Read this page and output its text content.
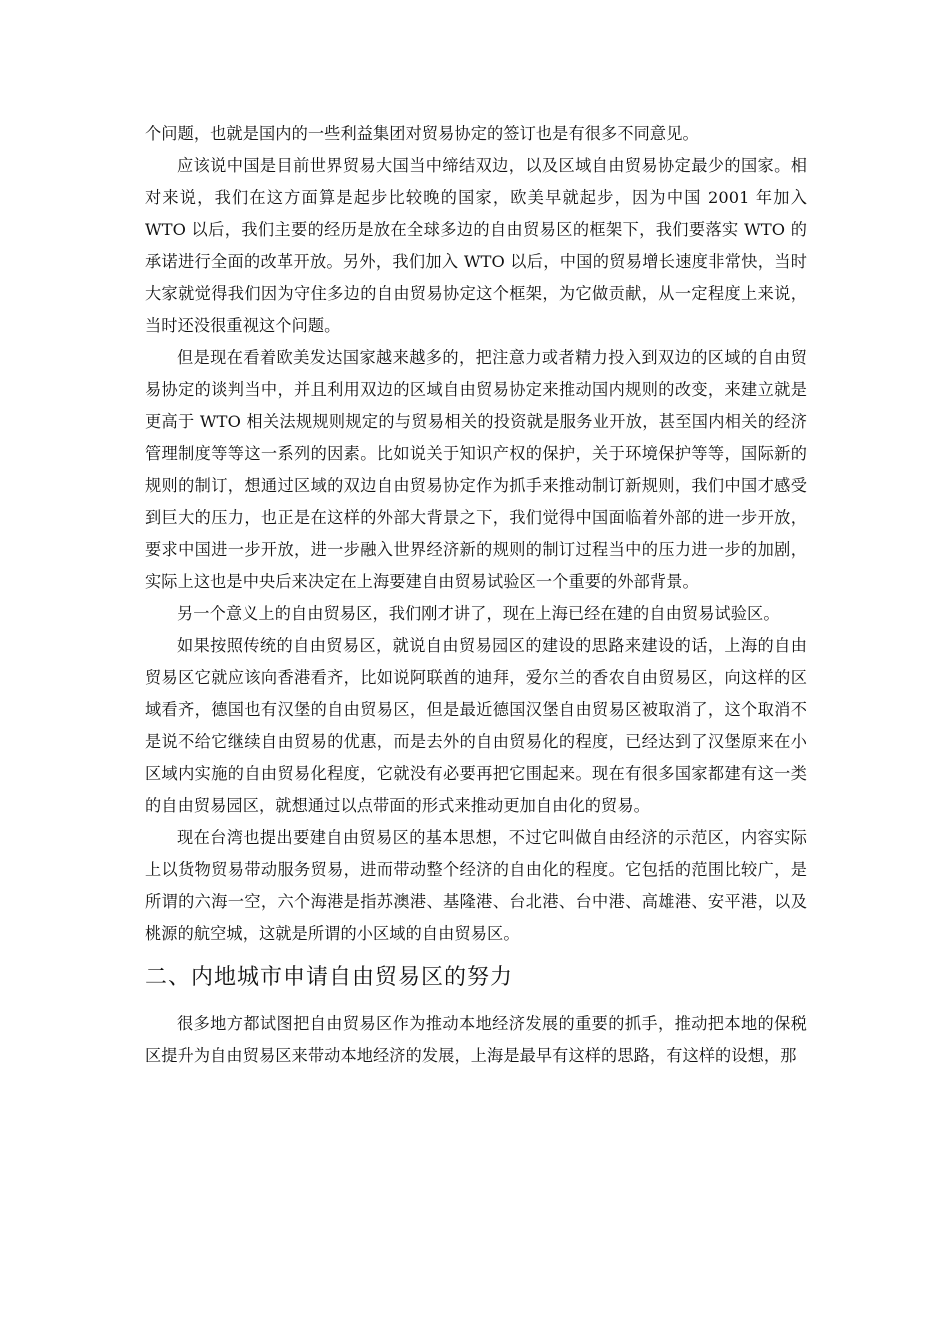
个问题，也就是国内的一些利益集团对贸易协定的签订也是有很多不同意见。

应该说中国是目前世界贸易大国当中缔结双边，以及区域自由贸易协定最少的国家。相对来说，我们在这方面算是起步比较晚的国家，欧美早就起步，因为中国 2001 年加入 WTO 以后，我们主要的经历是放在全球多边的自由贸易区的框架下，我们要落实 WTO 的承诺进行全面的改革开放。另外，我们加入 WTO 以后，中国的贸易增长速度非常快，当时大家就觉得我们因为守住多边的自由贸易协定这个框架，为它做贡献，从一定程度上来说，当时还没很重视这个问题。

但是现在看着欧美发达国家越来越多的，把注意力或者精力投入到双边的区域的自由贸易协定的谈判当中，并且利用双边的区域自由贸易协定来推动国内规则的改变，来建立就是更高于 WTO 相关法规规则规定的与贸易相关的投资就是服务业开放，甚至国内相关的经济管理制度等等这一系列的因素。比如说关于知识产权的保护，关于环境保护等等，国际新的规则的制订，想通过区域的双边自由贸易协定作为抓手来推动制订新规则，我们中国才感受到巨大的压力，也正是在这样的外部大背景之下，我们觉得中国面临着外部的进一步开放，要求中国进一步开放，进一步融入世界经济新的规则的制订过程当中的压力进一步的加剧，实际上这也是中央后来决定在上海要建自由贸易试验区一个重要的外部背景。

另一个意义上的自由贸易区，我们刚才讲了，现在上海已经在建的自由贸易试验区。

如果按照传统的自由贸易区，就说自由贸易园区的建设的思路来建设的话，上海的自由贸易区它就应该向香港看齐，比如说阿联酋的迪拜，爱尔兰的香农自由贸易区，向这样的区域看齐，德国也有汉堡的自由贸易区，但是最近德国汉堡自由贸易区被取消了，这个取消不是说不给它继续自由贸易的优惠，而是去外的自由贸易化的程度，已经达到了汉堡原来在小区域内实施的自由贸易化程度，它就没有必要再把它围起来。现在有很多国家都建有这一类的自由贸易园区，就想通过以点带面的形式来推动更加自由化的贸易。

现在台湾也提出要建自由贸易区的基本思想，不过它叫做自由经济的示范区，内容实际上以货物贸易带动服务贸易，进而带动整个经济的自由化的程度。它包括的范围比较广，是所谓的六海一空，六个海港是指苏澳港、基隆港、台北港、台中港、高雄港、安平港，以及桃源的航空城，这就是所谓的小区域的自由贸易区。

二、内地城市申请自由贸易区的努力

很多地方都试图把自由贸易区作为推动本地经济发展的重要的抓手，推动把本地的保税区提升为自由贸易区来带动本地经济的发展，上海是最早有这样的思路，有这样的设想，那
